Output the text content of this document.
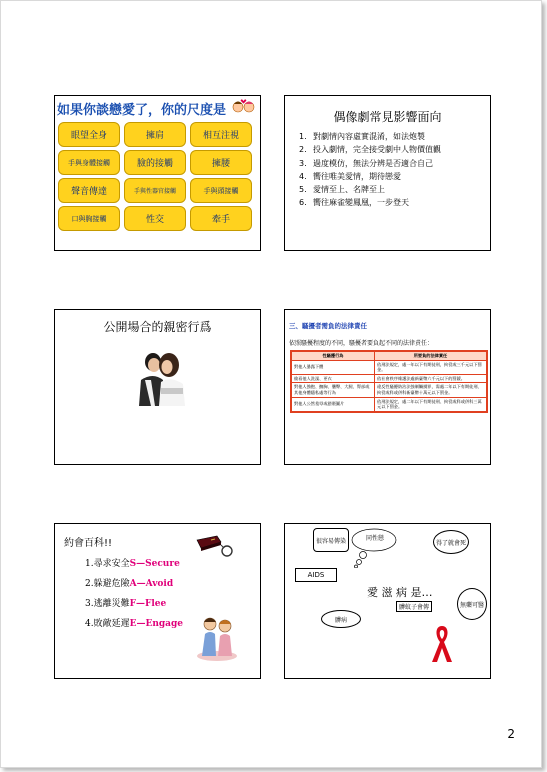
如果你談戀愛了，你的尺度是
眼望全身	擁肩	相互注視
手與身體接觸	臉的接觸	擁腰
聲音傳達	手與性器官接觸	手與頭接觸
口與胸接觸	性交	牽手
偶像劇常見影響面向
1. 對劇情內容虛實混淆，如法炮製
2. 投入劇情，完全接受劇中人物價值觀
3. 過度模仿，無法分辨是否適合自己
4. 嚮往唯美愛情，期待戀愛
5. 愛情至上、名牌至上
6. 嚮往麻雀變鳳凰，一步登天
公開場合的親密行爲	三、騷擾者需負的法律責任
依照騷擾程度的不同，騷擾者要負起不同的法律責任：
性騷擾行為	所要負的法律責任
對他人暴露下體	依刑法規定，處一年以下有期徒刑，拘役或三千元以下罰金。
偷看他人洗澡、更衣	依社會秩序維護法處新臺幣六千元以下的罰鍰。
對他人強抱、撫胸、襲臀、大腿、腎部或其他身體隱私處等行為	違反性騷擾防治法強制觸摸罪，需處二年以下有期徒刑、拘役或科或併科新臺幣十萬元以下罰金。
對他人公然羞辱或猥褻圖片	依刑法規定，處二年以下有期徒刑、拘役或科或併科三萬元以下罰金。
約會百科!!
1.尋求安全S—Secure
2.躲避危險A—Avoid
3.逃離災難F—Flee
4.敗敵延遲E—Engage
很容易傳染	同性戀
得了就會死
AIDS
愛 滋 病 是…
髒蚊子會傳	無藥可醫
髒病
2
